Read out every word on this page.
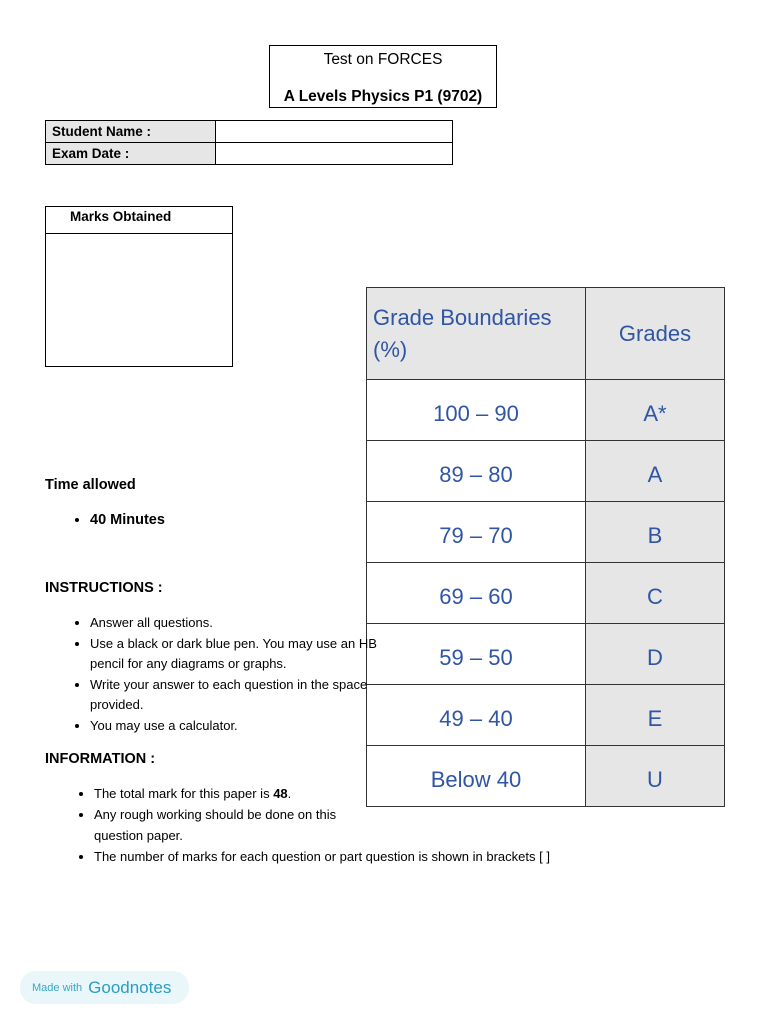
Test on FORCES
A Levels Physics P1 (9702)
Student Name :	
Exam Date :	
Marks Obtained
Grade Boundaries (%)	Grades
100 – 90	A*
89 – 80	A
79 – 70	B
69 – 60	C
59 – 50	D
49 – 40	E
Below 40	U
Time allowed
• 40 Minutes
INSTRUCTIONS :
• Answer all questions.
• Use a black or dark blue pen. You may use an HB pencil for any diagrams or graphs.
• Write your answer to each question in the space provided.
• You may use a calculator.
INFORMATION :
• The total mark for this paper is 48.
• Any rough working should be done on this question paper.
• The number of marks for each question or part question is shown in brackets [ ]
Made with Goodnotes
